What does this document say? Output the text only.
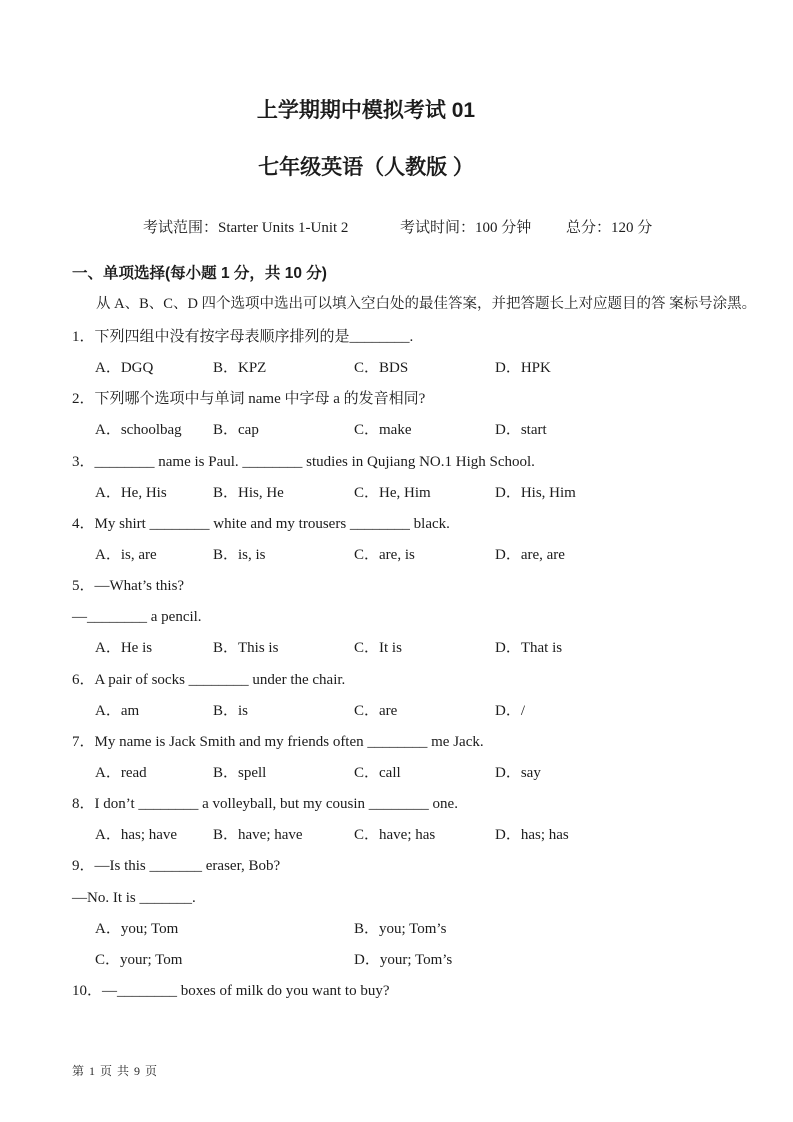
上学期期中模拟考试 01
七年级英语（人教版 ）
考试范围：Starter Units 1-Unit 2	考试时间：100 分钟 总分：120 分
一、单项选择(每小题 1 分，共 10 分)
从 A、B、C、D 四个选项中选出可以填入空白处的最佳答案，并把答题长上对应题目的答 案标号涂黑。
1．下列四组中没有按字母表顺序排列的是________.
A．DGQ	B．KPZ	C．BDS	D．HPK
2．下列哪个选项中与单词 name 中字母 a 的发音相同?
A．schoolbag B．cap	C．make	D．start
3．________ name is Paul. ________ studies in Qujiang NO.1 High School.
A．He, His	B．His, He	C．He, Him	D．His, Him
4．My shirt ________ white and my trousers ________ black.
A．is, are	B．is, is	C．are, is	D．are, are
5．—What’s this?
—________ a pencil.
A．He is	B．This is	C．It is	D．That is
6．A pair of socks ________ under the chair.
A．am	B．is	C．are	D．/
7．My name is Jack Smith and my friends often ________ me Jack.
A．read	B．spell	C．call	D．say
8．I don’t ________ a volleyball, but my cousin ________ one.
A．has; have B．have; have	C．have; has	D．has; has
9．—Is this _______ eraser, Bob?
—No. It is _______.
A．you; Tom	B．you; Tom’s
C．your; Tom	D．your; Tom’s
10．—________ boxes of milk do you want to buy?
第 1 页 共 9 页
